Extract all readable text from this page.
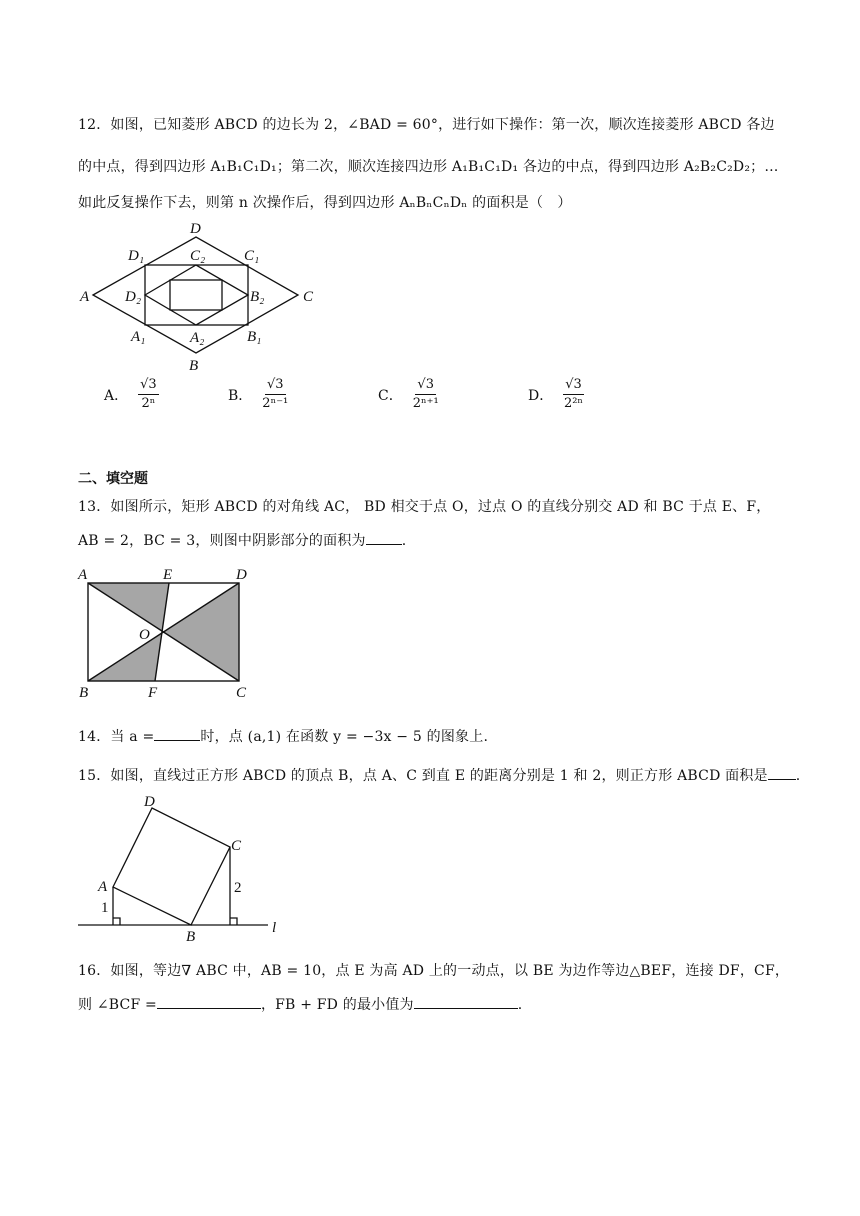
12．如图，已知菱形 ABCD 的边长为 2，∠BAD = 60°，进行如下操作：第一次，顺次连接菱形 ABCD 各边
的中点，得到四边形 A₁B₁C₁D₁；第二次，顺次连接四边形 A₁B₁C₁D₁ 各边的中点，得到四边形 A₂B₂C₂D₂；…
如此反复操作下去，则第 n 次操作后，得到四边形 AₙBₙCₙDₙ 的面积是（　）
D
A	C
B
D₁	C₁
A₁	B₁
C₂
D₂	B₂
A₂
A． $\frac{√3}{\text{2ⁿ}}$	B． $\frac{√3}{\text{2ⁿ⁻¹}}$	C． $\frac{√3}{\text{2ⁿ⁺¹}}$	D． $\frac{√3}{\text{2²ⁿ}}$
二、填空题
13．如图所示，矩形 ABCD 的对角线 AC， BD 相交于点 O，过点 O 的直线分别交 AD 和 BC 于点 E、F，
AB = 2，BC = 3，则图中阴影部分的面积为	.
A	E	D
O
B	F	C
14．当 a =	时，点 (a,1) 在函数 y = −3x − 5 的图象上.
15．如图，直线过正方形 ABCD 的顶点 B，点 A、C 到直 E 的距离分别是 1 和 2，则正方形 ABCD 面积是 .
D
C
A
B
l
1
2
16．如图，等边∇ ABC 中，AB = 10，点 E 为高 AD 上的一动点，以 BE 为边作等边△BEF，连接 DF，CF，
则 ∠BCF =	，FB + FD 的最小值为	.
